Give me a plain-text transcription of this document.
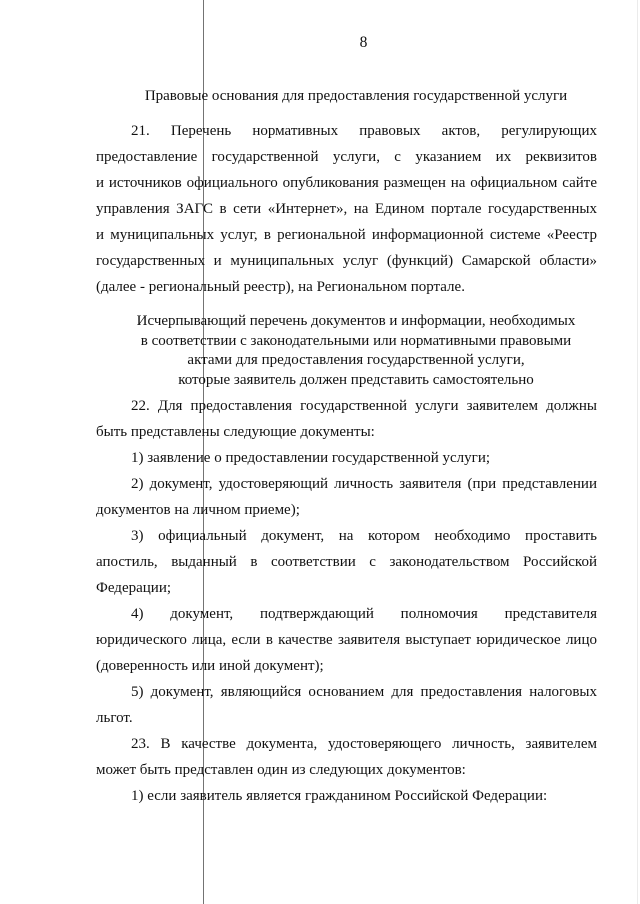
8
Правовые основания для предоставления государственной услуги
21. Перечень нормативных правовых актов, регулирующих
предоставление государственной услуги, с указанием их реквизитов
и источников официального опубликования размещен на официальном сайте
управления ЗАГС в сети «Интернет», на Едином портале государственных
и муниципальных услуг, в региональной информационной системе «Реестр
государственных и муниципальных услуг (функций) Самарской области»
(далее - региональный реестр), на Региональном портале.
Исчерпывающий перечень документов и информации, необходимых
в соответствии с законодательными или нормативными правовыми
актами для предоставления государственной услуги,
которые заявитель должен представить самостоятельно
22. Для предоставления государственной услуги заявителем должны
быть представлены следующие документы:
1) заявление о предоставлении государственной услуги;
2) документ, удостоверяющий личность заявителя (при представлении
документов на личном приеме);
3) официальный документ, на котором необходимо проставить
апостиль, выданный в соответствии с законодательством Российской
Федерации;
4) документ, подтверждающий полномочия представителя
юридического лица, если в качестве заявителя выступает юридическое лицо
(доверенность или иной документ);
5) документ, являющийся основанием для предоставления налоговых
льгот.
23. В качестве документа, удостоверяющего личность, заявителем
может быть представлен один из следующих документов:
1) если заявитель является гражданином Российской Федерации:
